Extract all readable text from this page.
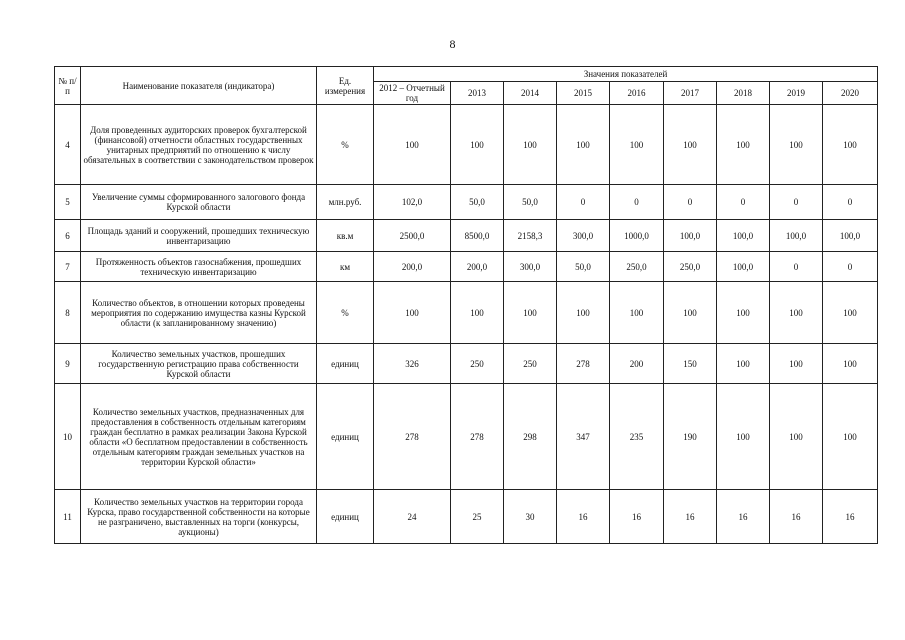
8
№ п/п	Наименование показателя (индикатора)	Ед. измерения	Значения показателей								
			2012 – Отчетный год	2013	2014	2015	2016	2017	2018	2019	2020
4	Доля проведенных аудиторских проверок бухгалтерской (финансовой) отчетности областных государственных унитарных предприятий по отношению к числу обязательных в соответствии с законодательством проверок	%	100	100	100	100	100	100	100	100	100
5	Увеличение суммы сформированного залогового фонда Курской области	млн.руб.	102,0	50,0	50,0	0	0	0	0	0	0
6	Площадь зданий и сооружений, прошедших техническую инвентаризацию	кв.м	2500,0	8500,0	2158,3	300,0	1000,0	100,0	100,0	100,0	100,0
7	Протяженность объектов газоснабжения, прошедших техническую инвентаризацию	км	200,0	200,0	300,0	50,0	250,0	250,0	100,0	0	0
8	Количество объектов, в отношении которых проведены мероприятия по содержанию имущества казны Курской области (к запланированному значению)	%	100	100	100	100	100	100	100	100	100
9	Количество земельных участков, прошедших государственную регистрацию права собственности Курской области	единиц	326	250	250	278	200	150	100	100	100
10	Количество земельных участков, предназначенных для предоставления в собственность отдельным категориям граждан бесплатно в рамках реализации Закона Курской области «О бесплатном предоставлении в собственность отдельным категориям граждан земельных участков на территории Курской области»	единиц	278	278	298	347	235	190	100	100	100
11	Количество земельных участков на территории города Курска, право государственной собственности на которые не разграничено, выставленных на торги (конкурсы, аукционы)	единиц	24	25	30	16	16	16	16	16	16
